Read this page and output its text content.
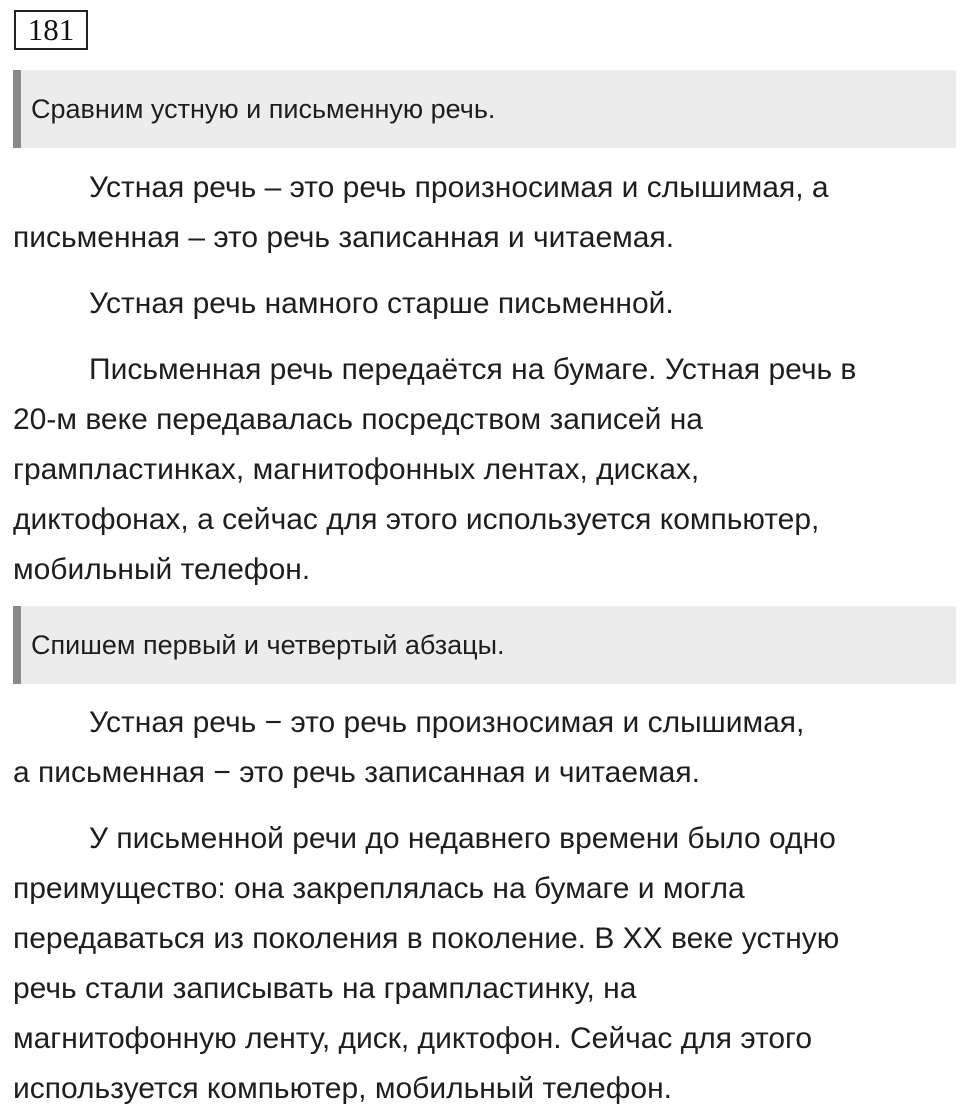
181
Сравним устную и письменную речь.

Устная речь – это речь произносимая и слышимая, а
письменная – это речь записанная и читаемая.

Устная речь намного старше письменной.

Письменная речь передаётся на бумаге. Устная речь в
20-м веке передавалась посредством записей на
грампластинках, магнитофонных лентах, дисках,
диктофонах, а сейчас для этого используется компьютер,
мобильный телефон.

Спишем первый и четвертый абзацы.

Устная речь − это речь произносимая и слышимая,
а письменная − это речь записанная и читаемая.

У письменной речи до недавнего времени было одно
преимущество: она закреплялась на бумаге и могла
передаваться из поколения в поколение. В XX веке устную
речь стали записывать на грампластинку, на
магнитофонную ленту, диск, диктофон. Сейчас для этого
используется компьютер, мобильный телефон.
